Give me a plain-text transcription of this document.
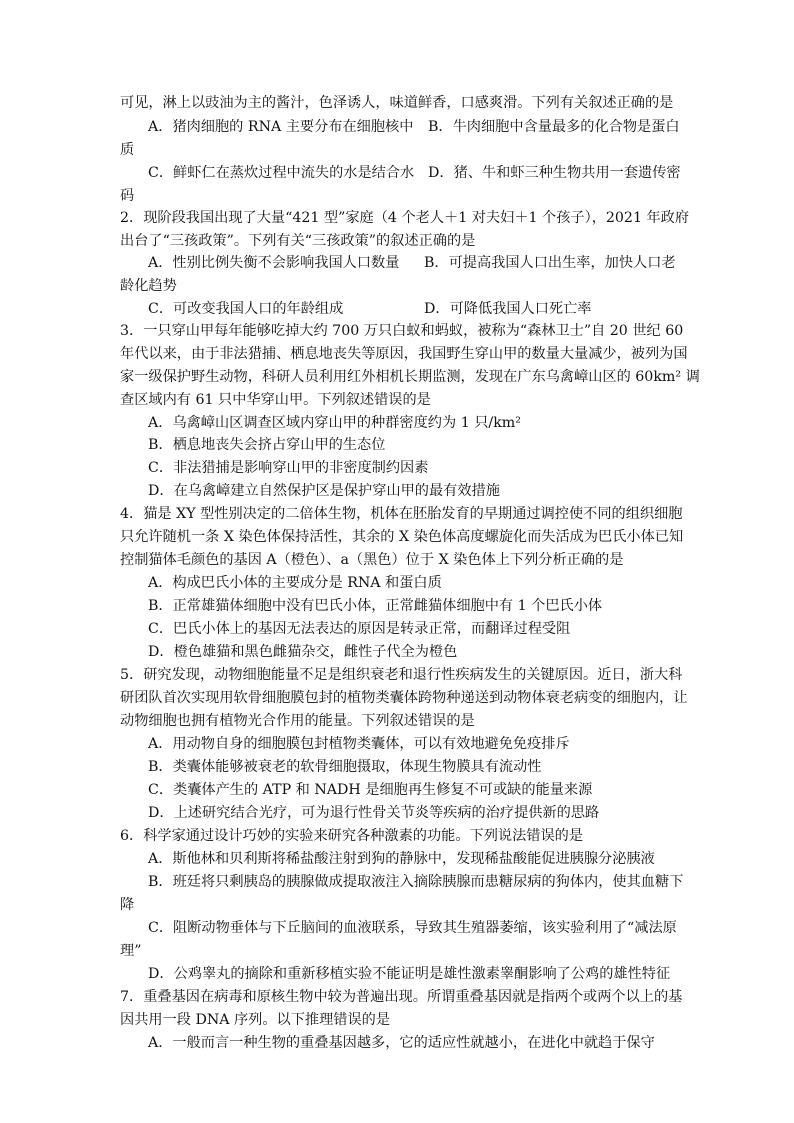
可见，淋上以豉油为主的酱汁，色泽诱人，味道鲜香，口感爽滑。下列有关叙述正确的是
A．猪肉细胞的 RNA 主要分布在细胞核中 B．牛肉细胞中含量最多的化合物是蛋白
质
C．鲜虾仁在蒸炊过程中流失的水是结合水 D．猪、牛和虾三种生物共用一套遗传密
码
2．现阶段我国出现了大量“421 型”家庭（4 个老人＋1 对夫妇＋1 个孩子），2021 年政府
出台了“三孩政策”。下列有关“三孩政策”的叙述正确的是
A．性别比例失衡不会影响我国人口数量 B．可提高我国人口出生率，加快人口老
龄化趋势
C．可改变我国人口的年龄组成	D．可降低我国人口死亡率
3．一只穿山甲每年能够吃掉大约 700 万只白蚁和蚂蚁，被称为“森林卫士”自 20 世纪 60
年代以来，由于非法猎捕、栖息地丧失等原因，我国野生穿山甲的数量大量减少，被列为国
家一级保护野生动物，科研人员利用红外相机长期监测，发现在广东乌禽嶂山区的 60km² 调
查区域内有 61 只中华穿山甲。下列叙述错误的是
A．乌禽嶂山区调查区域内穿山甲的种群密度约为 1 只/km²
B．栖息地丧失会挤占穿山甲的生态位
C．非法猎捕是影响穿山甲的非密度制约因素
D．在乌禽嶂建立自然保护区是保护穿山甲的最有效措施
4．猫是 XY 型性别决定的二倍体生物，机体在胚胎发育的早期通过调控使不同的组织细胞
只允许随机一条 X 染色体保持活性，其余的 X 染色体高度螺旋化而失活成为巴氏小体已知
控制猫体毛颜色的基因 A（橙色）、a（黑色）位于 X 染色体上下列分析正确的是
A．构成巴氏小体的主要成分是 RNA 和蛋白质
B．正常雄猫体细胞中没有巴氏小体，正常雌猫体细胞中有 1 个巴氏小体
C．巴氏小体上的基因无法表达的原因是转录正常，而翻译过程受阻
D．橙色雄猫和黑色雌猫杂交，雌性子代全为橙色
5．研究发现，动物细胞能量不足是组织衰老和退行性疾病发生的关键原因。近日，浙大科
研团队首次实现用软骨细胞膜包封的植物类囊体跨物种递送到动物体衰老病变的细胞内，让
动物细胞也拥有植物光合作用的能量。下列叙述错误的是
A．用动物自身的细胞膜包封植物类囊体，可以有效地避免免疫排斥
B．类囊体能够被衰老的软骨细胞摄取，体现生物膜具有流动性
C．类囊体产生的 ATP 和 NADH 是细胞再生修复不可或缺的能量来源
D．上述研究结合光疗，可为退行性骨关节炎等疾病的治疗提供新的思路
6．科学家通过设计巧妙的实验来研究各种激素的功能。下列说法错误的是
A．斯他林和贝利斯将稀盐酸注射到狗的静脉中，发现稀盐酸能促进胰腺分泌胰液
B．班廷将只剩胰岛的胰腺做成提取液注入摘除胰腺而患糖尿病的狗体内，使其血糖下
降
C．阻断动物垂体与下丘脑间的血液联系，导致其生殖器萎缩，该实验利用了“减法原
理”
D．公鸡睾丸的摘除和重新移植实验不能证明是雄性激素睾酮影响了公鸡的雄性特征
7．重叠基因在病毒和原核生物中较为普遍出现。所谓重叠基因就是指两个或两个以上的基
因共用一段 DNA 序列。以下推理错误的是
A．一般而言一种生物的重叠基因越多，它的适应性就越小，在进化中就趋于保守
